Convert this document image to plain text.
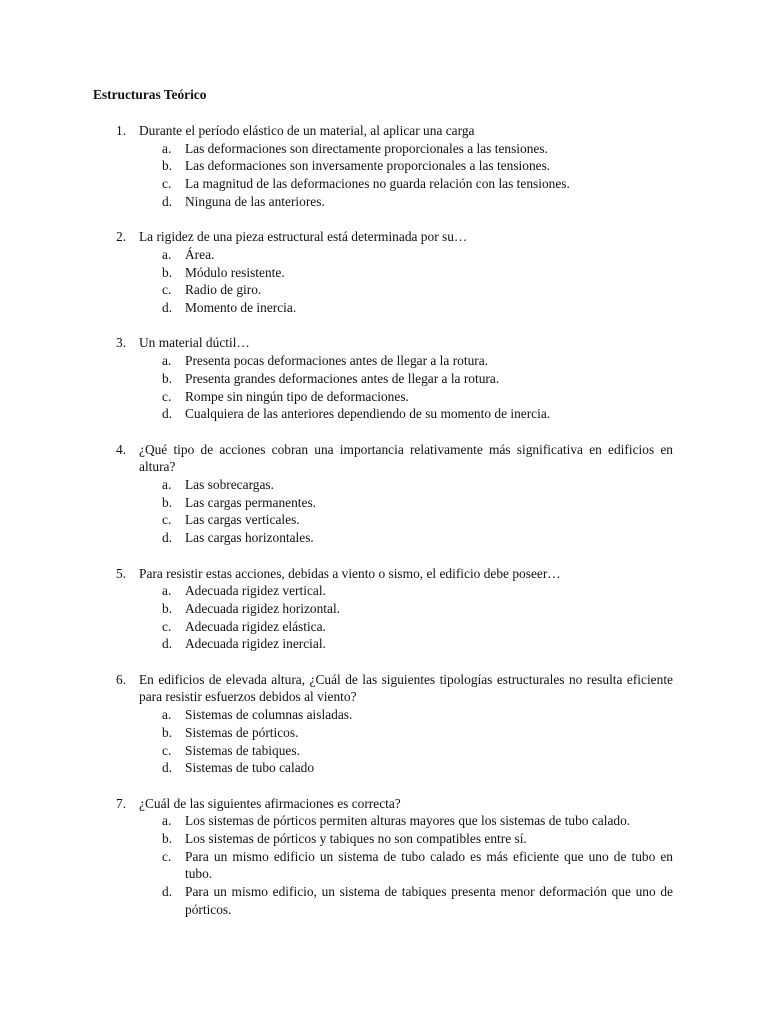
Estructuras Teórico
1. Durante el período elástico de un material, al aplicar una carga
a. Las deformaciones son directamente proporcionales a las tensiones.
b. Las deformaciones son inversamente proporcionales a las tensiones.
c. La magnitud de las deformaciones no guarda relación con las tensiones.
d. Ninguna de las anteriores.
2. La rigidez de una pieza estructural está determinada por su…
a. Área.
b. Módulo resistente.
c. Radio de giro.
d. Momento de inercia.
3. Un material dúctil…
a. Presenta pocas deformaciones antes de llegar a la rotura.
b. Presenta grandes deformaciones antes de llegar a la rotura.
c. Rompe sin ningún tipo de deformaciones.
d. Cualquiera de las anteriores dependiendo de su momento de inercia.
4. ¿Qué tipo de acciones cobran una importancia relativamente más significativa en edificios en altura?
a. Las sobrecargas.
b. Las cargas permanentes.
c. Las cargas verticales.
d. Las cargas horizontales.
5. Para resistir estas acciones, debidas a viento o sismo, el edificio debe poseer…
a. Adecuada rigidez vertical.
b. Adecuada rigidez horizontal.
c. Adecuada rigidez elástica.
d. Adecuada rigidez inercial.
6. En edificios de elevada altura, ¿Cuál de las siguientes tipologías estructurales no resulta eficiente para resistir esfuerzos debidos al viento?
a. Sistemas de columnas aisladas.
b. Sistemas de pórticos.
c. Sistemas de tabiques.
d. Sistemas de tubo calado
7. ¿Cuál de las siguientes afirmaciones es correcta?
a. Los sistemas de pórticos permiten alturas mayores que los sistemas de tubo calado.
b. Los sistemas de pórticos y tabiques no son compatibles entre sí.
c. Para un mismo edificio un sistema de tubo calado es más eficiente que uno de tubo en tubo.
d. Para un mismo edificio, un sistema de tabiques presenta menor deformación que uno de pórticos.
